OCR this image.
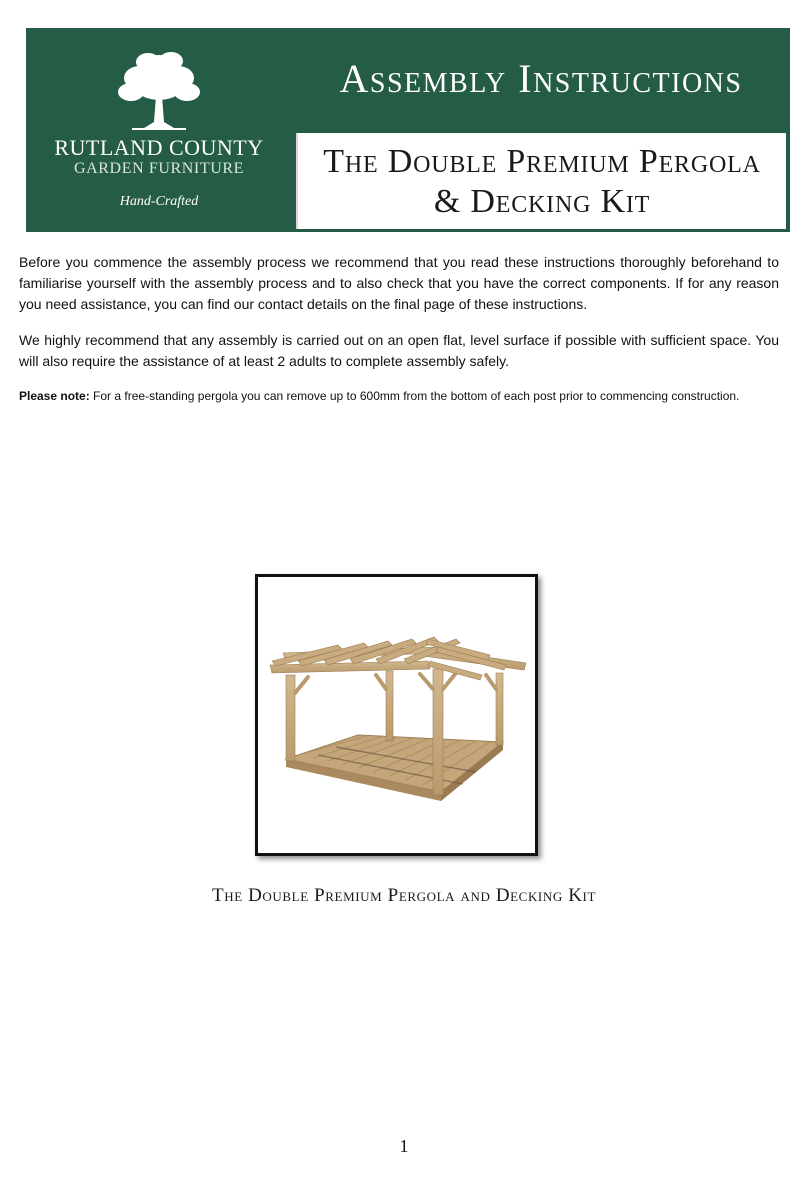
RUTLAND COUNTY
GARDEN FURNITURE
Hand-Crafted
Assembly Instructions
The Double Premium Pergola
& Decking Kit

Before you commence the assembly process we recommend that you read these instructions thoroughly beforehand to familiarise yourself with the assembly process and to also check that you have the correct components. If for any reason you need assistance, you can find our contact details on the final page of these instructions.

We highly recommend that any assembly is carried out on an open flat, level surface if possible with sufficient space. You will also require the assistance of at least 2 adults to complete assembly safely.

Please note: For a free-standing pergola you can remove up to 600mm from the bottom of each post prior to commencing construction.
The Double Premium Pergola and Decking Kit
1
